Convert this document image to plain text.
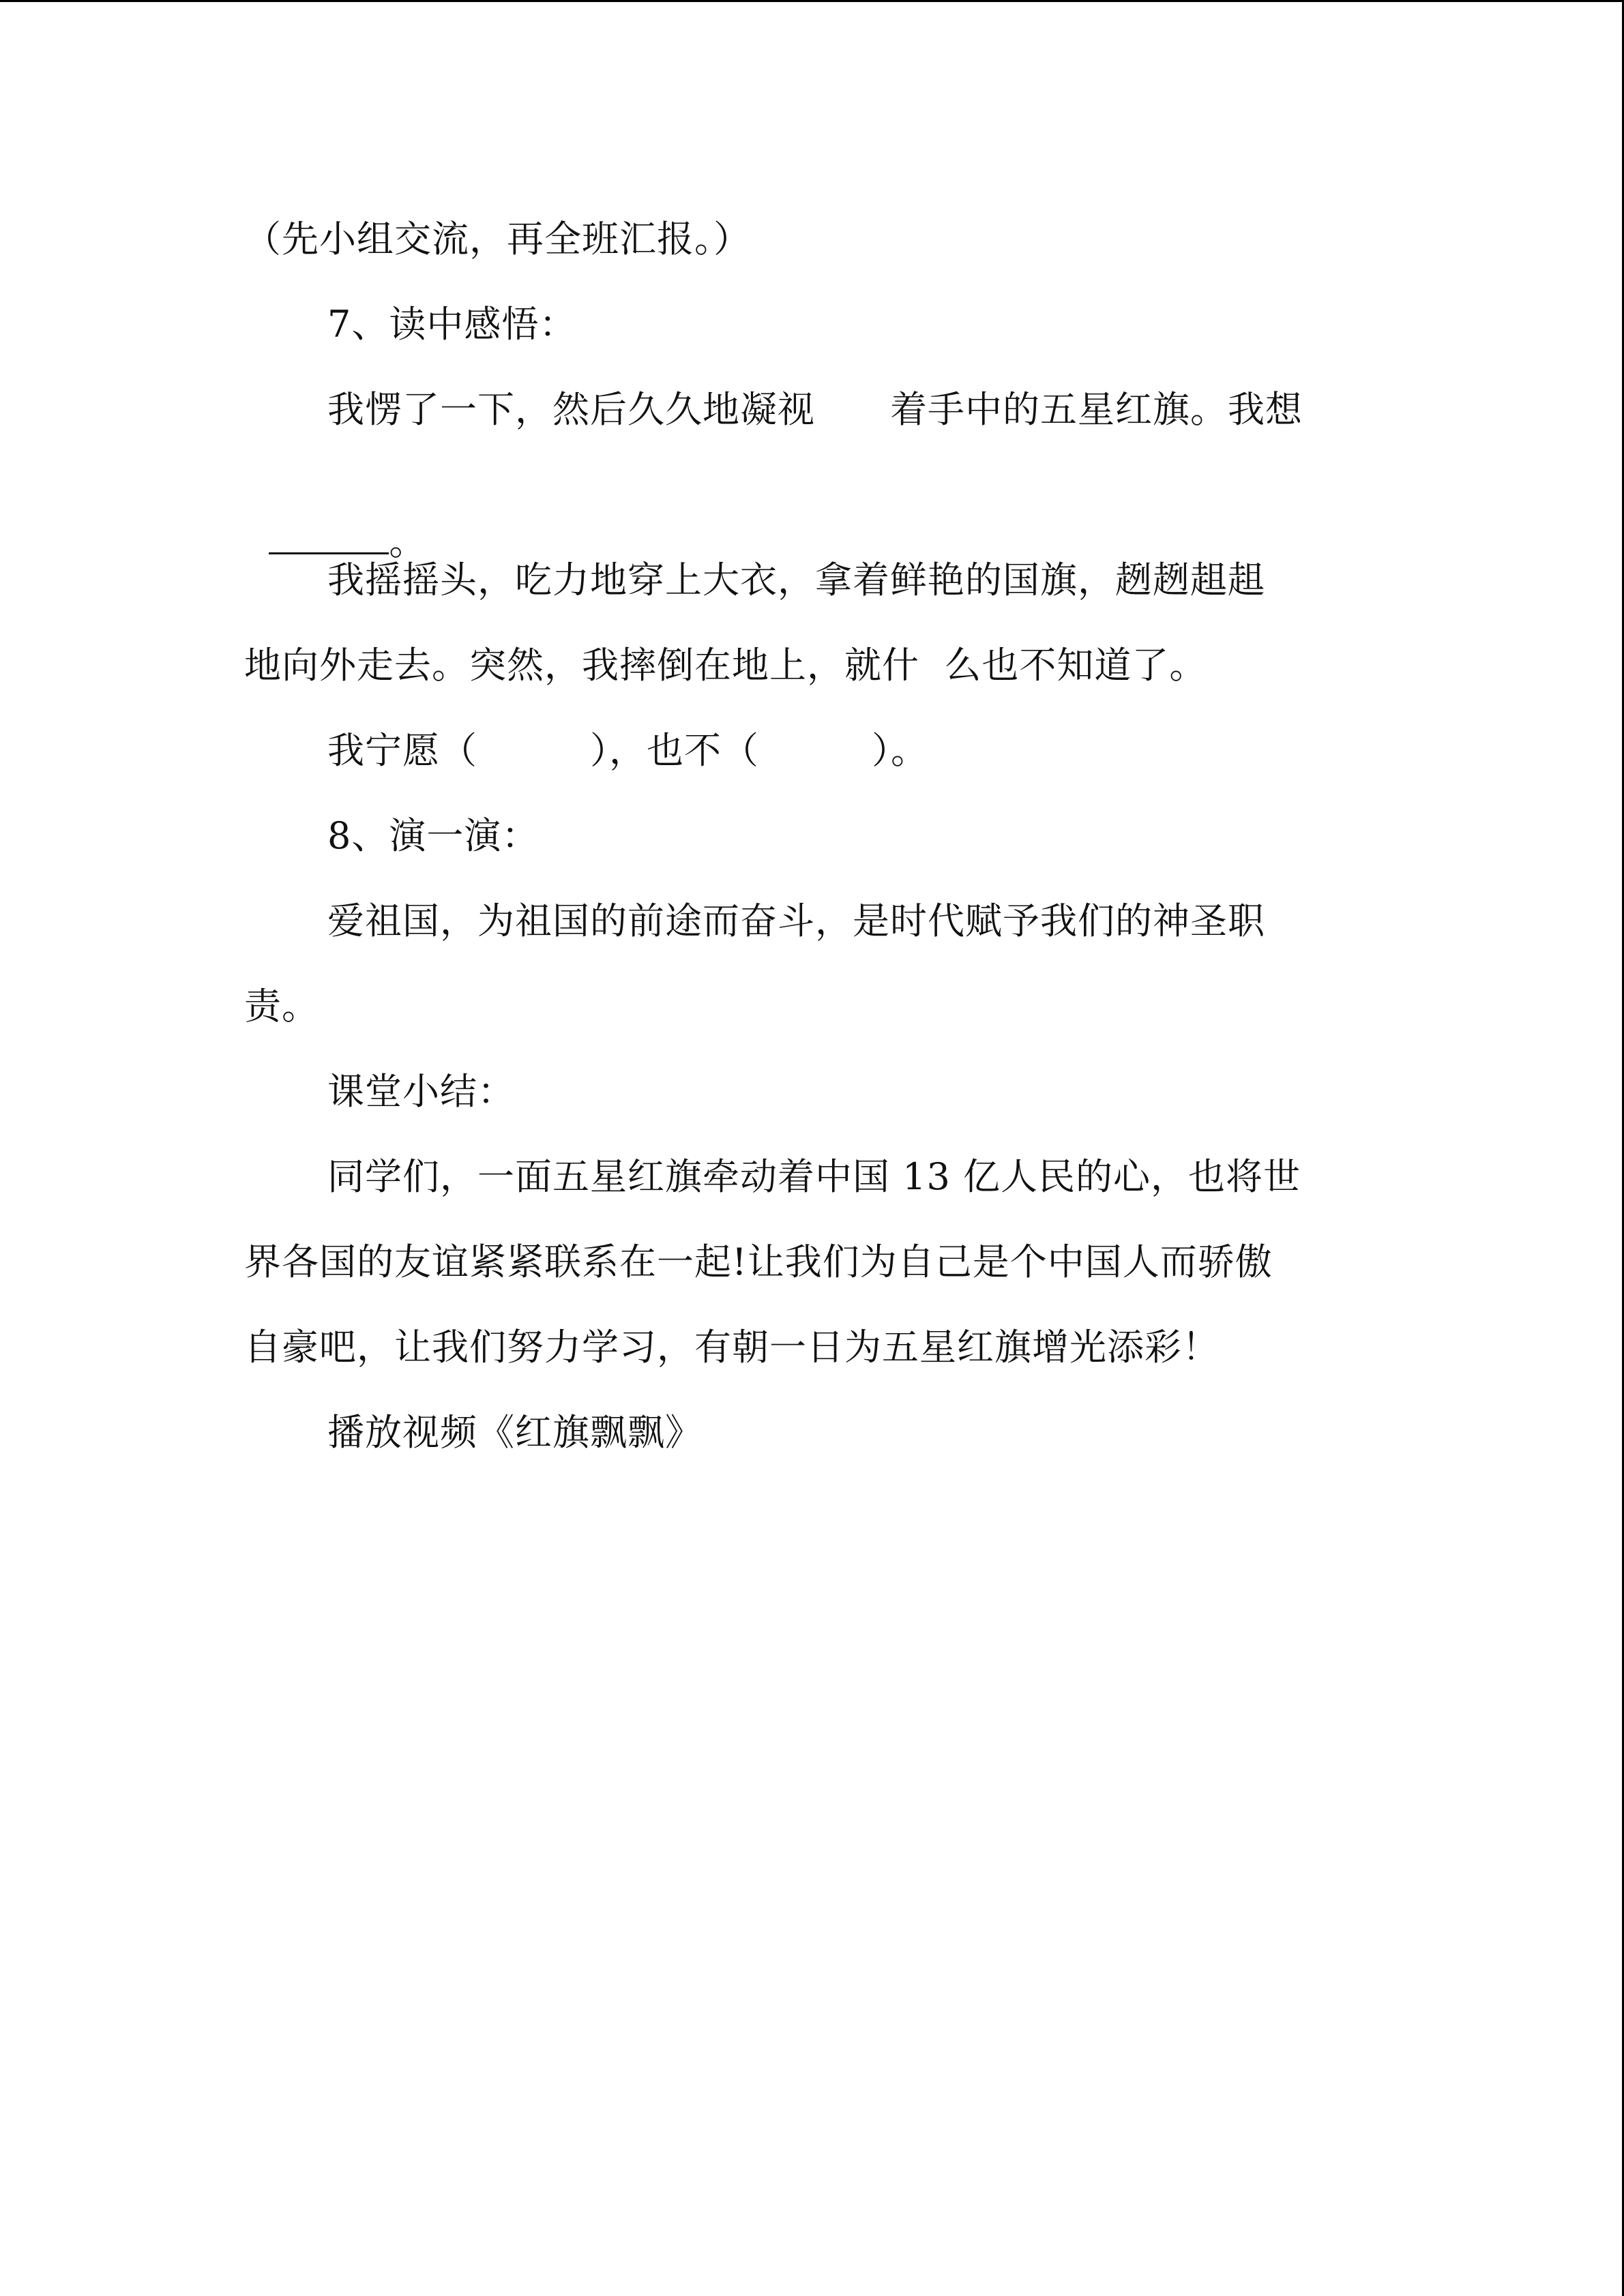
（先小组交流，再全班汇报。）
7、读中感悟：
我愣了一下，然后久久地凝视　　着手中的五星红旗。我想

。

我摇摇头，吃力地穿上大衣，拿着鲜艳的国旗，趔趔趄趄
地向外走去。突然，我摔倒在地上，就什  么也不知道了。
我宁愿（　　　），也不（　　　）。
8、演一演：
爱祖国，为祖国的前途而奋斗，是时代赋予我们的神圣职
责。
课堂小结：
同学们，一面五星红旗牵动着中国 13 亿人民的心，也将世
界各国的友谊紧紧联系在一起!让我们为自己是个中国人而骄傲
自豪吧，让我们努力学习，有朝一日为五星红旗增光添彩！
播放视频《红旗飘飘》
